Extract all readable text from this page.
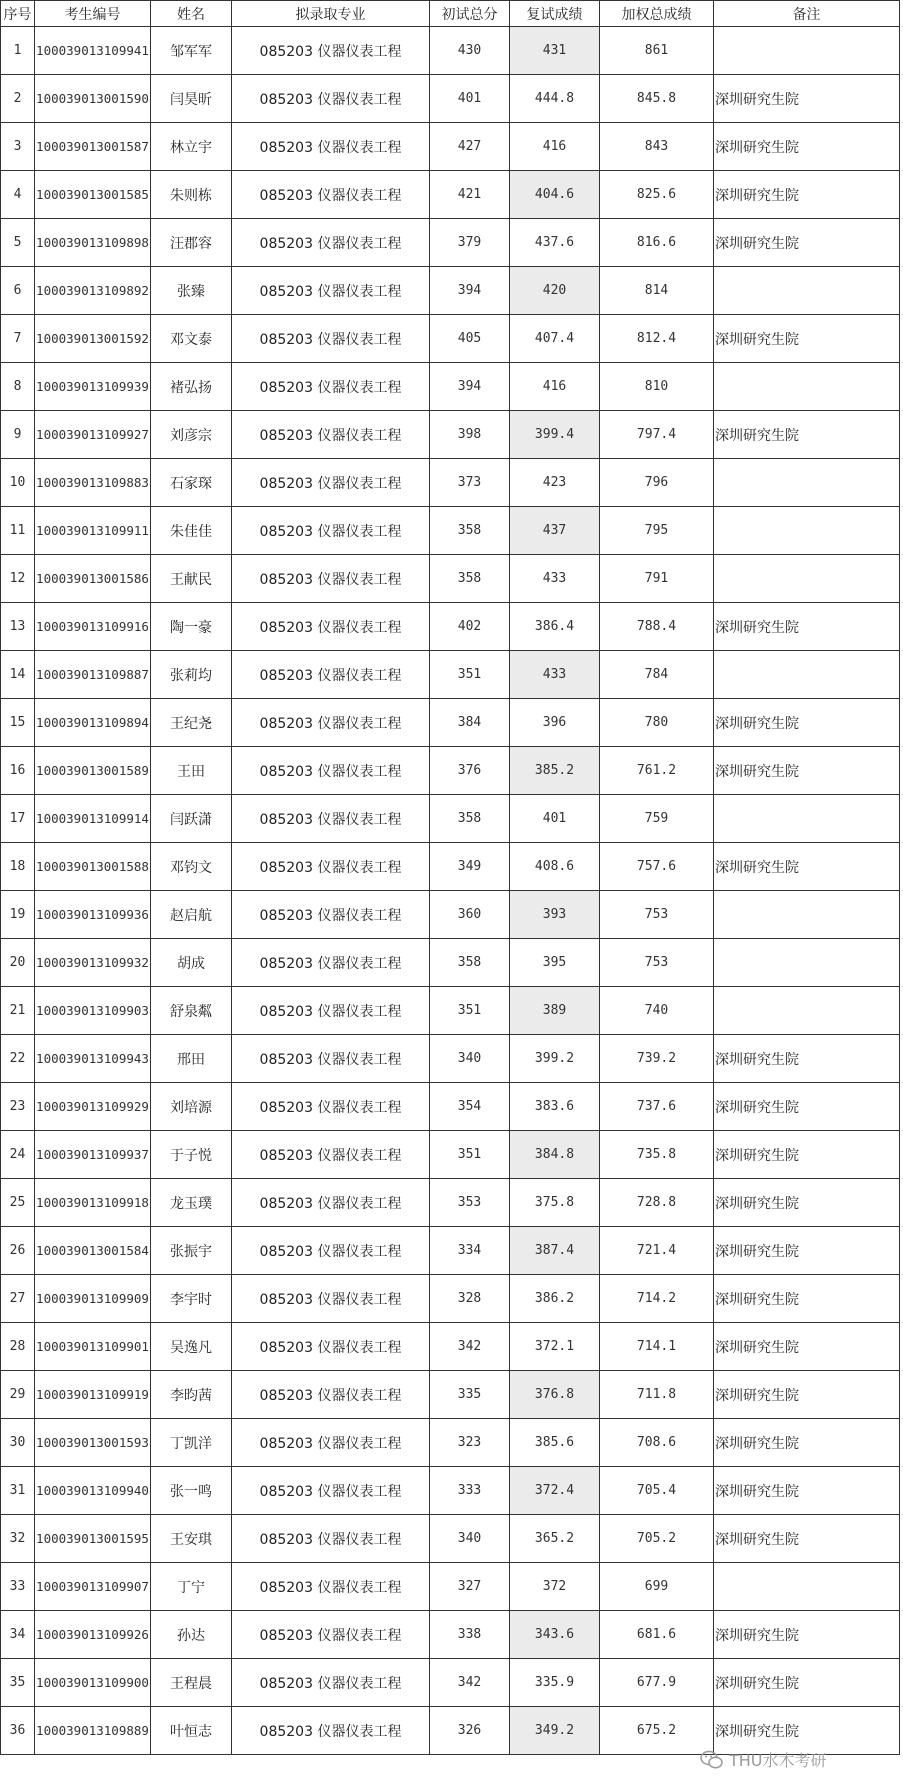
序号	考生编号	姓名	拟录取专业	初试总分	复试成绩	加权总成绩	备注
1	100039013109941	邹军军	085203 仪器仪表工程	430	431	861	
2	100039013001590	闫昊昕	085203 仪器仪表工程	401	444.8	845.8	深圳研究生院
3	100039013001587	林立宇	085203 仪器仪表工程	427	416	843	深圳研究生院
4	100039013001585	朱则栋	085203 仪器仪表工程	421	404.6	825.6	深圳研究生院
5	100039013109898	汪郡容	085203 仪器仪表工程	379	437.6	816.6	深圳研究生院
6	100039013109892	张臻	085203 仪器仪表工程	394	420	814	
7	100039013001592	邓文泰	085203 仪器仪表工程	405	407.4	812.4	深圳研究生院
8	100039013109939	褚弘扬	085203 仪器仪表工程	394	416	810	
9	100039013109927	刘彦宗	085203 仪器仪表工程	398	399.4	797.4	深圳研究生院
10	100039013109883	石家琛	085203 仪器仪表工程	373	423	796	
11	100039013109911	朱佳佳	085203 仪器仪表工程	358	437	795	
12	100039013001586	王献民	085203 仪器仪表工程	358	433	791	
13	100039013109916	陶一豪	085203 仪器仪表工程	402	386.4	788.4	深圳研究生院
14	100039013109887	张莉均	085203 仪器仪表工程	351	433	784	
15	100039013109894	王纪尧	085203 仪器仪表工程	384	396	780	深圳研究生院
16	100039013001589	王田	085203 仪器仪表工程	376	385.2	761.2	深圳研究生院
17	100039013109914	闫跃潇	085203 仪器仪表工程	358	401	759	
18	100039013001588	邓钧文	085203 仪器仪表工程	349	408.6	757.6	深圳研究生院
19	100039013109936	赵启航	085203 仪器仪表工程	360	393	753	
20	100039013109932	胡成	085203 仪器仪表工程	358	395	753	
21	100039013109903	舒泉粼	085203 仪器仪表工程	351	389	740	
22	100039013109943	邢田	085203 仪器仪表工程	340	399.2	739.2	深圳研究生院
23	100039013109929	刘培源	085203 仪器仪表工程	354	383.6	737.6	深圳研究生院
24	100039013109937	于子悦	085203 仪器仪表工程	351	384.8	735.8	深圳研究生院
25	100039013109918	龙玉璞	085203 仪器仪表工程	353	375.8	728.8	深圳研究生院
26	100039013001584	张振宇	085203 仪器仪表工程	334	387.4	721.4	深圳研究生院
27	100039013109909	李宇时	085203 仪器仪表工程	328	386.2	714.2	深圳研究生院
28	100039013109901	吴逸凡	085203 仪器仪表工程	342	372.1	714.1	深圳研究生院
29	100039013109919	李昀茜	085203 仪器仪表工程	335	376.8	711.8	深圳研究生院
30	100039013001593	丁凯洋	085203 仪器仪表工程	323	385.6	708.6	深圳研究生院
31	100039013109940	张一鸣	085203 仪器仪表工程	333	372.4	705.4	深圳研究生院
32	100039013001595	王安琪	085203 仪器仪表工程	340	365.2	705.2	深圳研究生院
33	100039013109907	丁宁	085203 仪器仪表工程	327	372	699	
34	100039013109926	孙达	085203 仪器仪表工程	338	343.6	681.6	深圳研究生院
35	100039013109900	王程晨	085203 仪器仪表工程	342	335.9	677.9	深圳研究生院
36	100039013109889	叶恒志	085203 仪器仪表工程	326	349.2	675.2	深圳研究生院
THU水木考研
